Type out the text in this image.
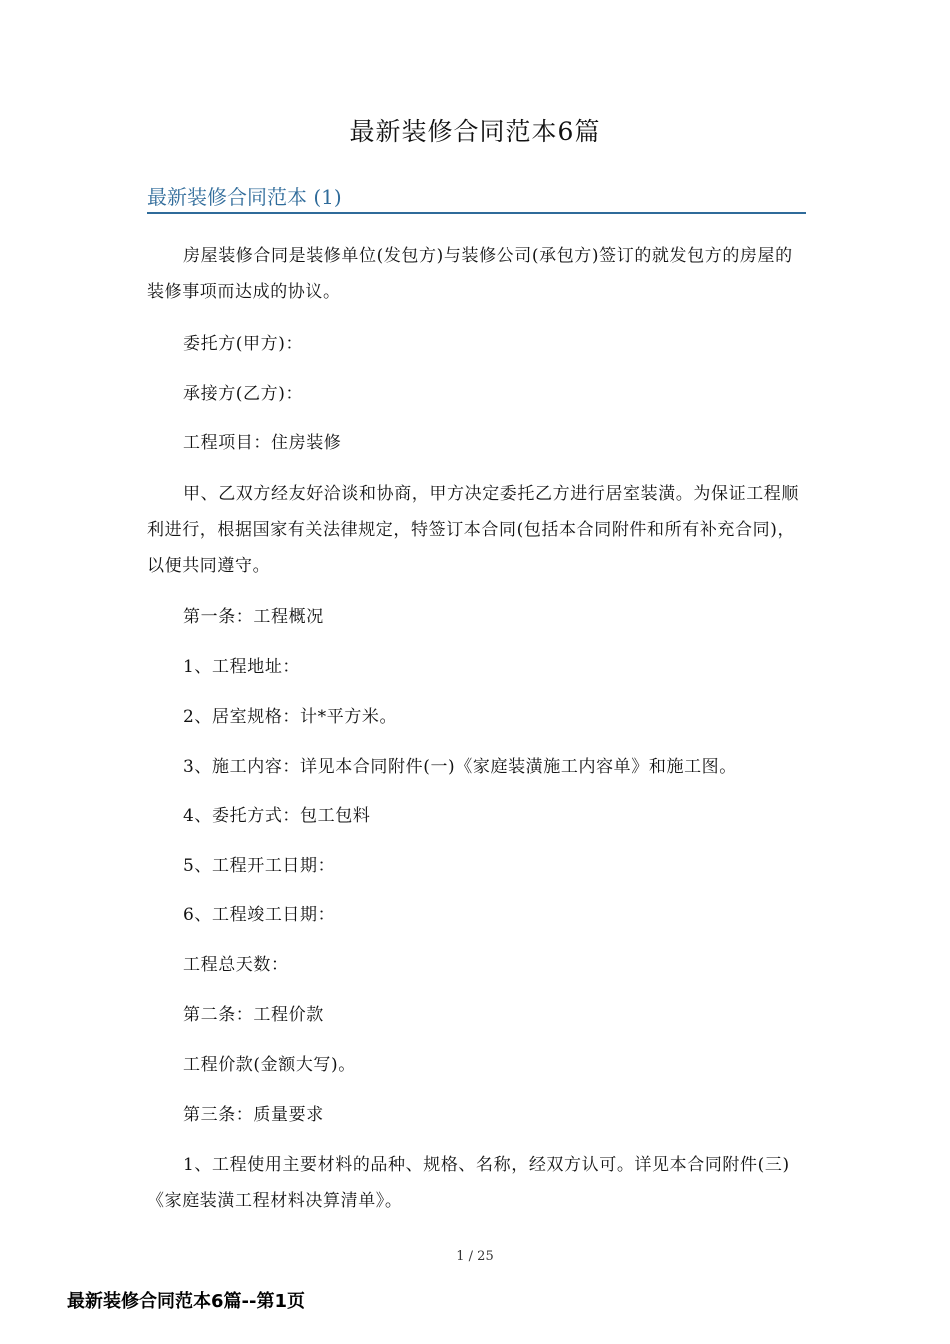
最新装修合同范本6篇
最新装修合同范本 (1)

房屋装修合同是装修单位(发包方)与装修公司(承包方)签订的就发包方的房屋的装修事项而达成的协议。

委托方(甲方)：

承接方(乙方)：

工程项目：住房装修

甲、乙双方经友好洽谈和协商，甲方决定委托乙方进行居室装潢。为保证工程顺利进行，根据国家有关法律规定，特签订本合同(包括本合同附件和所有补充合同)，以便共同遵守。

第一条：工程概况

1、工程地址：

2、居室规格：计*平方米。

3、施工内容：详见本合同附件(一)《家庭装潢施工内容单》和施工图。

4、委托方式：包工包料

5、工程开工日期：

6、工程竣工日期：

工程总天数：

第二条：工程价款

工程价款(金额大写)。

第三条：质量要求

1、工程使用主要材料的品种、规格、名称，经双方认可。详见本合同附件(三)《家庭装潢工程材料决算清单》。

1 / 25
最新装修合同范本6篇--第1页
